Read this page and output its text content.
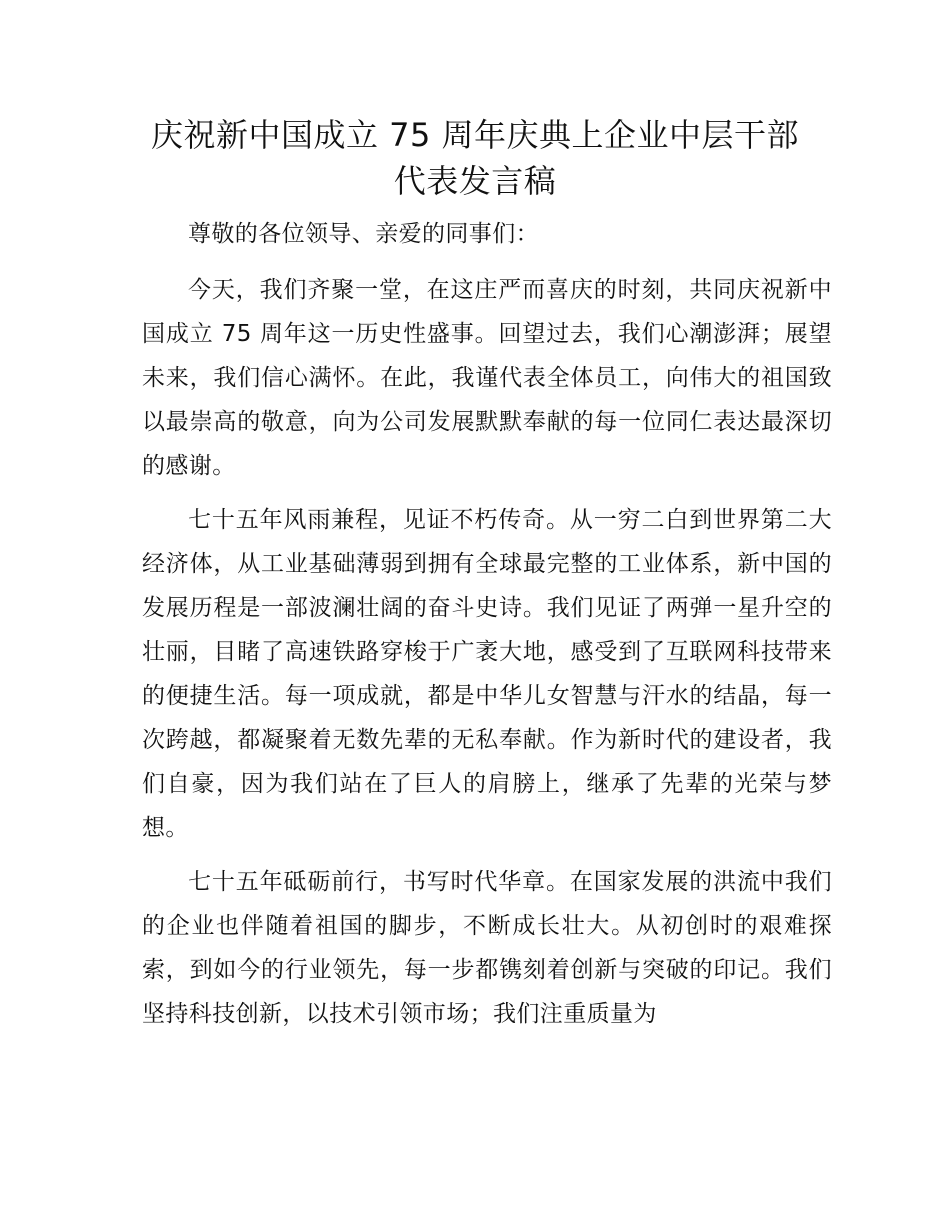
庆祝新中国成立 75 周年庆典上企业中层干部
代表发言稿

尊敬的各位领导、亲爱的同事们：

今天，我们齐聚一堂，在这庄严而喜庆的时刻，共同庆祝新中国成立 75 周年这一历史性盛事。回望过去，我们心潮澎湃；展望未来，我们信心满怀。在此，我谨代表全体员工，向伟大的祖国致以最崇高的敬意，向为公司发展默默奉献的每一位同仁表达最深切的感谢。

七十五年风雨兼程，见证不朽传奇。从一穷二白到世界第二大经济体，从工业基础薄弱到拥有全球最完整的工业体系，新中国的发展历程是一部波澜壮阔的奋斗史诗。我们见证了两弹一星升空的壮丽，目睹了高速铁路穿梭于广袤大地，感受到了互联网科技带来的便捷生活。每一项成就，都是中华儿女智慧与汗水的结晶，每一次跨越，都凝聚着无数先辈的无私奉献。作为新时代的建设者，我们自豪，因为我们站在了巨人的肩膀上，继承了先辈的光荣与梦想。

七十五年砥砺前行，书写时代华章。在国家发展的洪流中我们的企业也伴随着祖国的脚步，不断成长壮大。从初创时的艰难探索，到如今的行业领先，每一步都镌刻着创新与突破的印记。我们坚持科技创新，以技术引领市场；我们注重质量为
